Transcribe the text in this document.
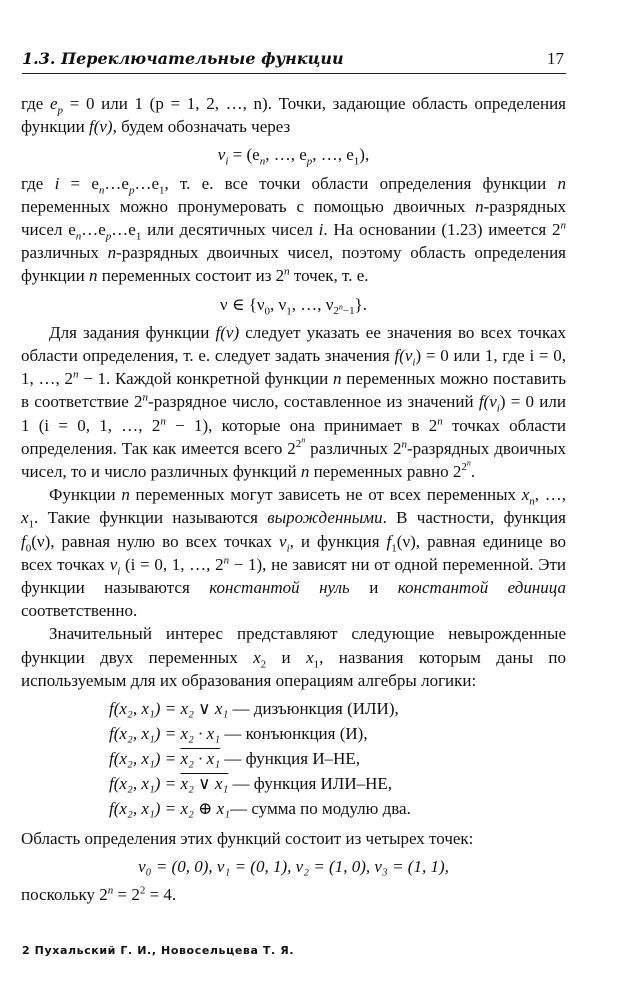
1.3. Переключательные функции	17

где $e_p = 0$ или 1 (p = 1, 2, …, n). Точки, задающие область определения функции f(ν), будем обозначать через

$\nu_i = (e_n$, …, $e_p$, …, $e_1$),

где $i = e_n\dots e_p\dots e_1$, т. е. все точки области определения функции n переменных можно пронумеровать с помощью двоичных n-разрядных чисел $e_n\dots e_p\dots e_1$ или десятичных чисел i. На основании (1.23) имеется 2$^n$ различных n-разрядных двоичных чисел, поэтому область определения функции n переменных состоит из 2$^n$ точек, т. е.

ν ∈ {$\nu_0$, $\nu_1$, …, $\nu_{2^n-1}$}.

Для задания функции f(ν) следует указать ее значения во всех точках области определения, т. е. следует задать значения $f(\nu_i) = 0$ или 1, где i = 0, 1, …, $2^n - 1$. Каждой конкретной функции n переменных можно поставить в соответствие 2$^n$-разрядное число, составленное из значений $f(\nu_i) = 0$ или 1 (i = 0, 1, …, $2^n - 1$), которые она принимает в 2$^n$ точках области определения. Так как имеется всего $2^{2^n}$ различных 2$^n$-разрядных двоичных чисел, то и число различных функций n переменных равно $2^{2^n}$.

Функции n переменных могут зависеть не от всех переменных $x_n$, …, $x_1$. Такие функции называются вырожденными. В частности, функция $f_0(\nu)$, равная нулю во всех точках $\nu_i$, и функция $f_1(\nu)$, равная единице во всех точках $\nu_i$ (i = 0, 1, …, $2^n - 1$), не зависят ни от одной переменной. Эти функции называются константой нуль и константой единица соответственно.

Значительный интерес представляют следующие невырожденные функции двух переменных $x_2$ и $x_1$, названия которым даны по используемым для их образования операциям алгебры логики:

f(x₂, x₁) = x₂ ∨ x₁ — дизъюнкция (ИЛИ),
f(x₂, x₁) = x₂ · x₁ — конъюнкция (И),
f(x₂, x₁) = x₂ · x₁ — функция И–НЕ,
f(x₂, x₁) = x₂ ∨ x₁ — функция ИЛИ–НЕ,
f(x₂, x₁) = x₂ ⊕ x₁— сумма по модулю два.

Область определения этих функций состоит из четырех точек:

ν₀ = (0, 0), ν₁ = (0, 1), ν₂ = (1, 0), ν₃ = (1, 1),

поскольку $2^n = 2^2 = 4$.

2 Пухальский Г. И., Новосельцева Т. Я.
